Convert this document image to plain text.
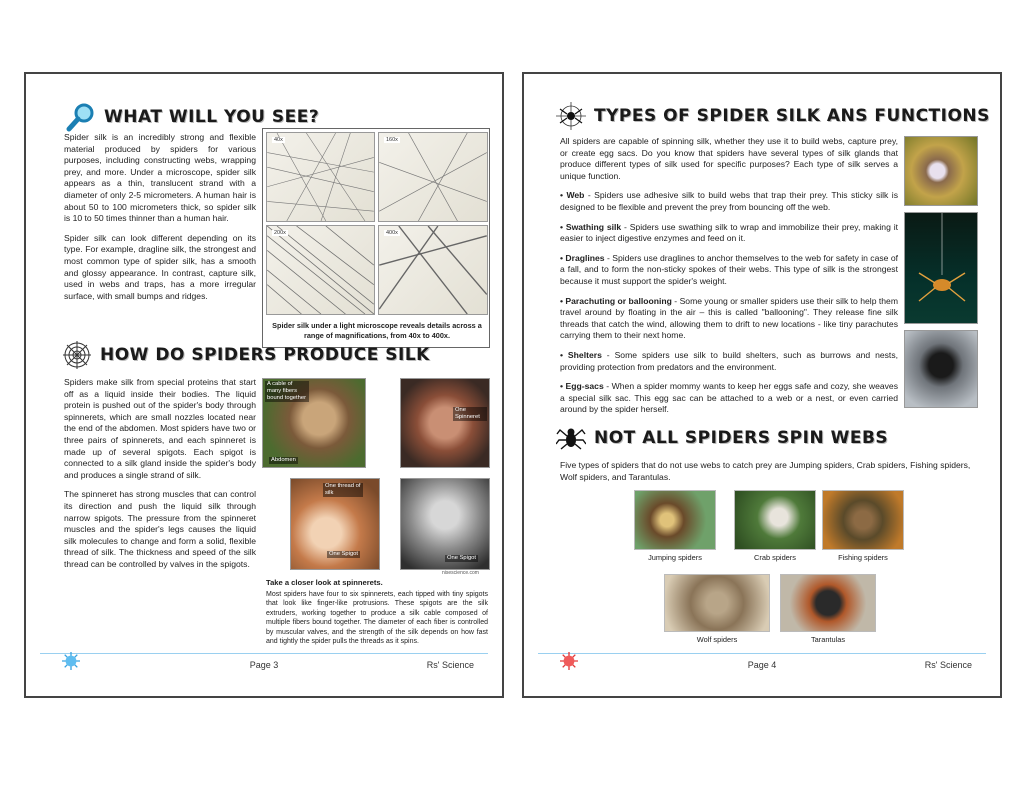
WHAT WILL YOU SEE?

Spider silk is an incredibly strong and flexible material produced by spiders for various purposes, including constructing webs, wrapping prey, and more. Under a microscope, spider silk appears as a thin, translucent strand with a diameter of only 2-5 micrometers. A human hair is about 50 to 100 micrometers thick, so spider silk is 10 to 50 times thinner than a human hair.

Spider silk can look different depending on its type. For example, dragline silk, the strongest and most common type of spider silk, has a smooth and glossy appearance. In contrast, capture silk, used in webs and traps, has a more irregular surface, with small bumps and ridges.

40x	160x
200x	400x
Spider silk under a light microscope reveals details across a range of magnifications, from 40x to 400x.
HOW DO SPIDERS PRODUCE SILK

Spiders make silk from special proteins that start off as a liquid inside their bodies. The liquid protein is pushed out of the spider's body through spinnerets, which are small nozzles located near the end of the abdomen. Most spiders have two or three pairs of spinnerets, and each spinneret is made up of several spigots. Each spigot is connected to a silk gland inside the spider's body and produces a single strand of silk.

The spinneret has strong muscles that can control its direction and push the liquid silk through narrow spigots. The pressure from the spinneret muscles and the spider's legs causes the liquid silk molecules to change and form a solid, flexible thread of silk. The thickness and speed of the silk thread can be controlled by valves in the spigots.

A cable of many fibers bound together
Abdomen
One Spinneret
One thread of silk
One Spigot
One Spigot
nisescience.com
Take a closer look at spinnerets.
Most spiders have four to six spinnerets, each tipped with tiny spigots that look like finger-like protrusions. These spigots are the silk extruders, working together to produce a silk cable composed of multiple fibers bound together. The diameter of each fiber is controlled by muscular valves, and the strength of the silk depends on how fast and tightly the spider pulls the threads as it spins.
Page 3	Rs' Science
TYPES OF SPIDER SILK ANS FUNCTIONS

All spiders are capable of spinning silk, whether they use it to build webs, capture prey, or create egg sacs. Do you know that spiders have several types of silk glands that produce different types of silk used for specific purposes? Each type of silk serves a unique function.

• Web - Spiders use adhesive silk to build webs that trap their prey. This sticky silk is designed to be flexible and prevent the prey from bouncing off the web.

• Swathing silk - Spiders use swathing silk to wrap and immobilize their prey, making it easier to inject digestive enzymes and feed on it.

• Draglines - Spiders use draglines to anchor themselves to the web for safety in case of a fall, and to form the non-sticky spokes of their webs. This type of silk is the strongest because it must support the spider's weight.

• Parachuting or ballooning - Some young or smaller spiders use their silk to help them travel around by floating in the air – this is called "ballooning". They release fine silk threads that catch the wind, allowing them to drift to new locations - like tiny parachutes carrying them to their next home.

• Shelters - Some spiders use silk to build shelters, such as burrows and nests, providing protection from predators and the environment.

• Egg-sacs - When a spider mommy wants to keep her eggs safe and cozy, she weaves a special silk sac. This egg sac can be attached to a web or a nest, or even carried around by the spider herself.

NOT ALL SPIDERS SPIN WEBS
Five types of spiders that do not use webs to catch prey are Jumping spiders, Crab spiders, Fishing spiders, Wolf spiders, and Tarantulas.
Jumping spiders	Crab spiders	Fishing spiders
Wolf spiders	Tarantulas
Page 4	Rs' Science
